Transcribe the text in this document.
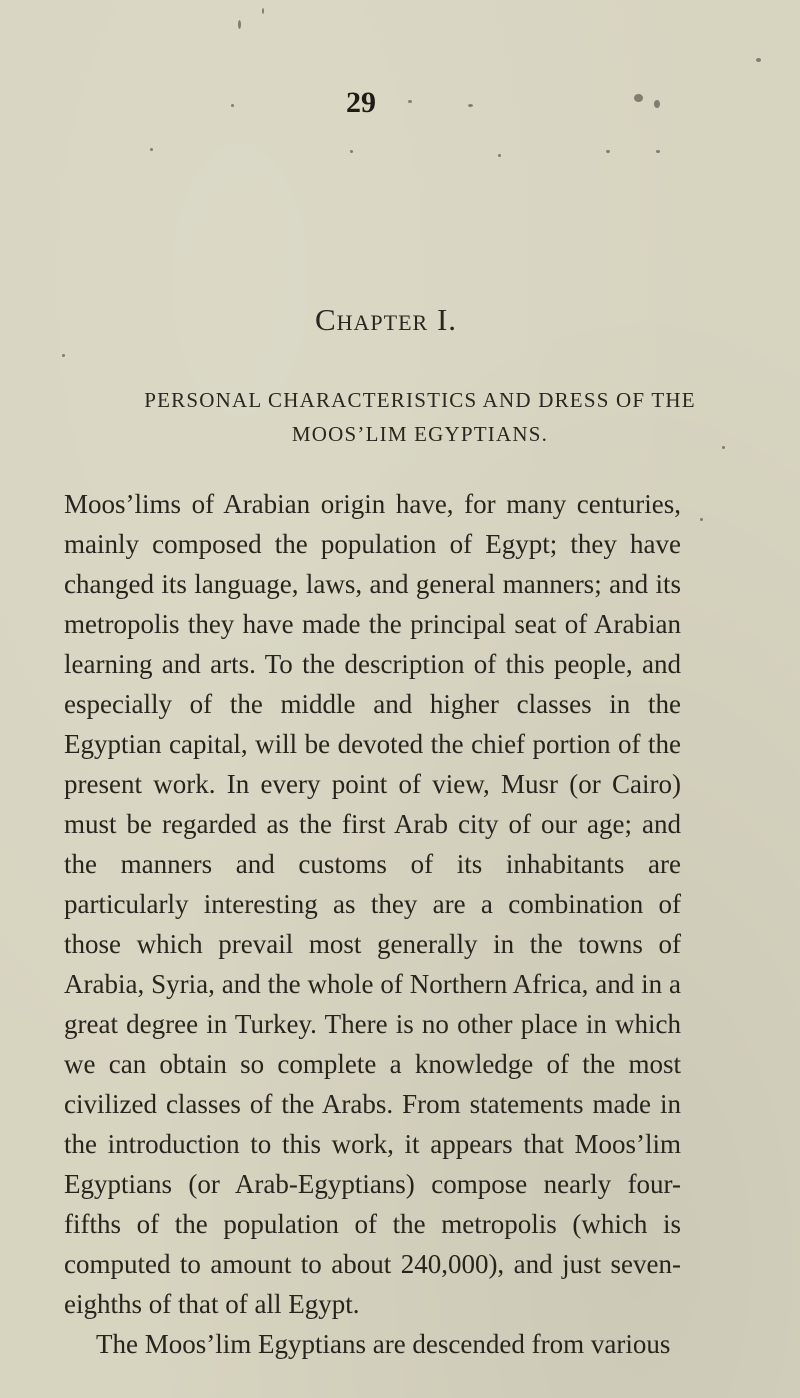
29
Chapter I.
PERSONAL CHARACTERISTICS AND DRESS OF THE MOOS’LIM EGYPTIANS.

Moos’lims of Arabian origin have, for many centuries, mainly composed the population of Egypt; they have changed its language, laws, and general manners; and its metropolis they have made the principal seat of Arabian learning and arts. To the description of this people, and especially of the middle and higher classes in the Egyptian capital, will be devoted the chief portion of the present work. In every point of view, Musr (or Cairo) must be regarded as the first Arab city of our age; and the manners and customs of its inhabitants are particularly interesting as they are a combination of those which prevail most generally in the towns of Arabia, Syria, and the whole of Northern Africa, and in a great degree in Turkey. There is no other place in which we can obtain so complete a knowledge of the most civilized classes of the Arabs. From statements made in the introduction to this work, it appears that Moos’lim Egyptians (or Arab-Egyptians) compose nearly four-fifths of the population of the metropolis (which is computed to amount to about 240,000), and just seven-eighths of that of all Egypt.

The Moos’lim Egyptians are descended from various
